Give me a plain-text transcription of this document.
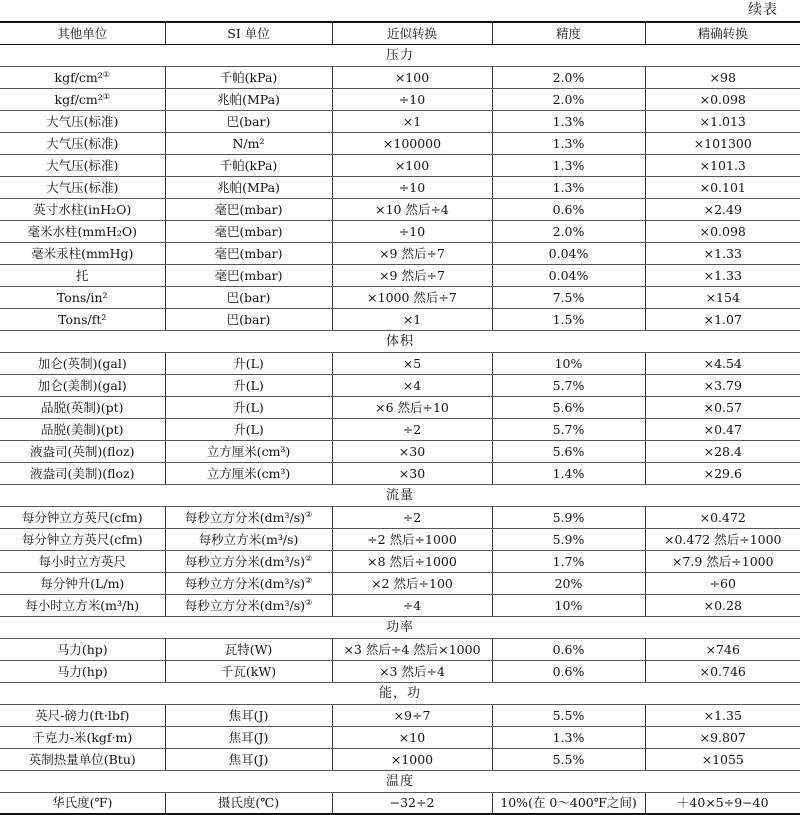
续表
其他单位	SI 单位	近似转换	精度	精确转换
压力				
kgf/cm²①	千帕(kPa)	×100	2.0%	×98
kgf/cm²①	兆帕(MPa)	÷10	2.0%	×0.098
大气压(标准)	巴(bar)	×1	1.3%	×1.013
大气压(标准)	N/m²	×100000	1.3%	×101300
大气压(标准)	千帕(kPa)	×100	1.3%	×101.3
大气压(标准)	兆帕(MPa)	÷10	1.3%	×0.101
英寸水柱(inH₂O)	毫巴(mbar)	×10 然后÷4	0.6%	×2.49
毫米水柱(mmH₂O)	毫巴(mbar)	÷10	2.0%	×0.098
毫米汞柱(mmHg)	毫巴(mbar)	×9 然后÷7	0.04%	×1.33
托	毫巴(mbar)	×9 然后÷7	0.04%	×1.33
Tons/in²	巴(bar)	×1000 然后÷7	7.5%	×154
Tons/ft²	巴(bar)	×1	1.5%	×1.07
体积				
加仑(英制)(gal)	升(L)	×5	10%	×4.54
加仑(美制)(gal)	升(L)	×4	5.7%	×3.79
品脱(英制)(pt)	升(L)	×6 然后÷10	5.6%	×0.57
品脱(美制)(pt)	升(L)	÷2	5.7%	×0.47
液盎司(英制)(floz)	立方厘米(cm³)	×30	5.6%	×28.4
液盎司(美制)(floz)	立方厘米(cm³)	×30	1.4%	×29.6
流量				
每分钟立方英尺(cfm)	每秒立方分米(dm³/s)②	÷2	5.9%	×0.472
每分钟立方英尺(cfm)	每秒立方米(m³/s)	÷2 然后÷1000	5.9%	×0.472 然后÷1000
每小时立方英尺	每秒立方分米(dm³/s)②	×8 然后÷1000	1.7%	×7.9 然后÷1000
每分钟升(L/m)	每秒立方分米(dm³/s)②	×2 然后÷100	20%	÷60
每小时立方米(m³/h)	每秒立方分米(dm³/s)②	÷4	10%	×0.28
功率				
马力(hp)	瓦特(W)	×3 然后÷4 然后×1000	0.6%	×746
马力(hp)	千瓦(kW)	×3 然后÷4	0.6%	×0.746
能，功				
英尺-磅力(ft·lbf)	焦耳(J)	×9÷7	5.5%	×1.35
千克力-米(kgf·m)	焦耳(J)	×10	1.3%	×9.807
英制热量单位(Btu)	焦耳(J)	×1000	5.5%	×1055
温度				
华氏度(℉)	摄氏度(℃)	−32÷2	10%(在 0～400℉之间)	＋40×5÷9−40
